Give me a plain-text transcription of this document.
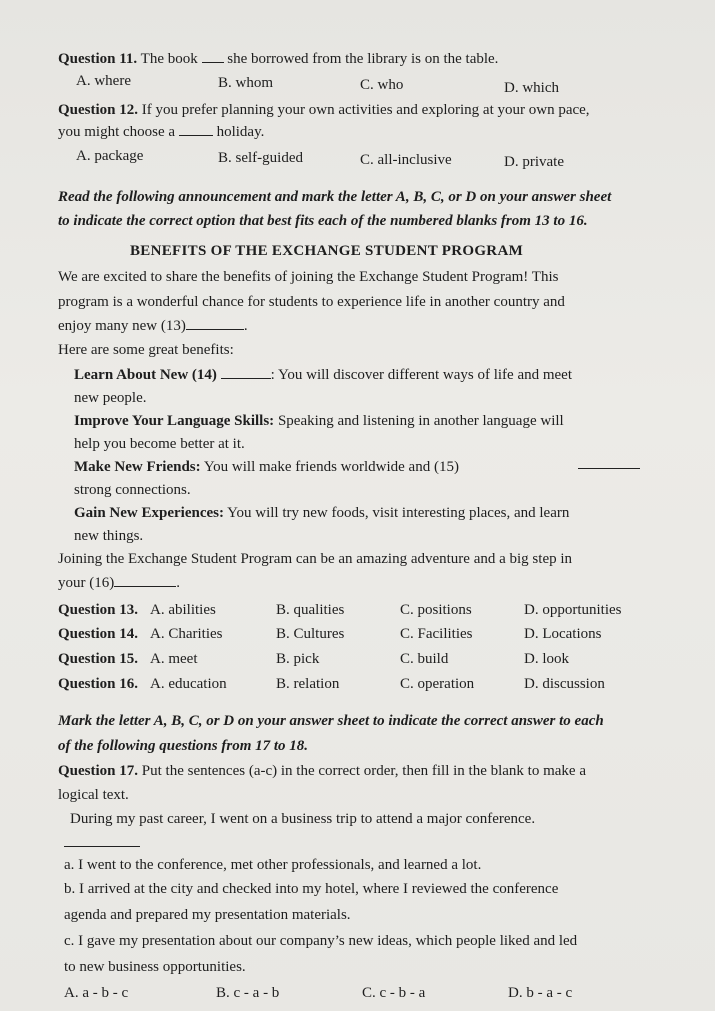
Question 11. The book  she borrowed from the library is on the table.
A. where	B. whom	C. who	D. which
Question 12. If you prefer planning your own activities and exploring at your own pace,
you might choose a  holiday.
A. package	B. self-guided	C. all-inclusive	D. private
Read the following announcement and mark the letter A, B, C, or D on your answer sheet
to indicate the correct option that best fits each of the numbered blanks from 13 to 16.
BENEFITS OF THE EXCHANGE STUDENT PROGRAM
We are excited to share the benefits of joining the Exchange Student Program! This
program is a wonderful chance for students to experience life in another country and
enjoy many new (13)	.
Here are some great benefits:
Learn About New (14)	: You will discover different ways of life and meet
new people.
Improve Your Language Skills: Speaking and listening in another language will
help you become better at it.
Make New Friends: You will make friends worldwide and (15)
strong connections.
Gain New Experiences: You will try new foods, visit interesting places, and learn
new things.
Joining the Exchange Student Program can be an amazing adventure and a big step in
your (16)	.
Question 13. A. abilities	B. qualities	C. positions	D. opportunities
Question 14. A. Charities	B. Cultures	C. Facilities	D. Locations
Question 15. A. meet	B. pick	C. build	D. look
Question 16. A. education	B. relation	C. operation	D. discussion
Mark the letter A, B, C, or D on your answer sheet to indicate the correct answer to each
of the following questions from 17 to 18.
Question 17. Put the sentences (a-c) in the correct order, then fill in the blank to make a
logical text.
During my past career, I went on a business trip to attend a major conference.
a. I went to the conference, met other professionals, and learned a lot.
b. I arrived at the city and checked into my hotel, where I reviewed the conference
agenda and prepared my presentation materials.
c. I gave my presentation about our company’s new ideas, which people liked and led
to new business opportunities.
A. a - b - c	B. c - a - b	C. c - b - a	D. b - a - c
